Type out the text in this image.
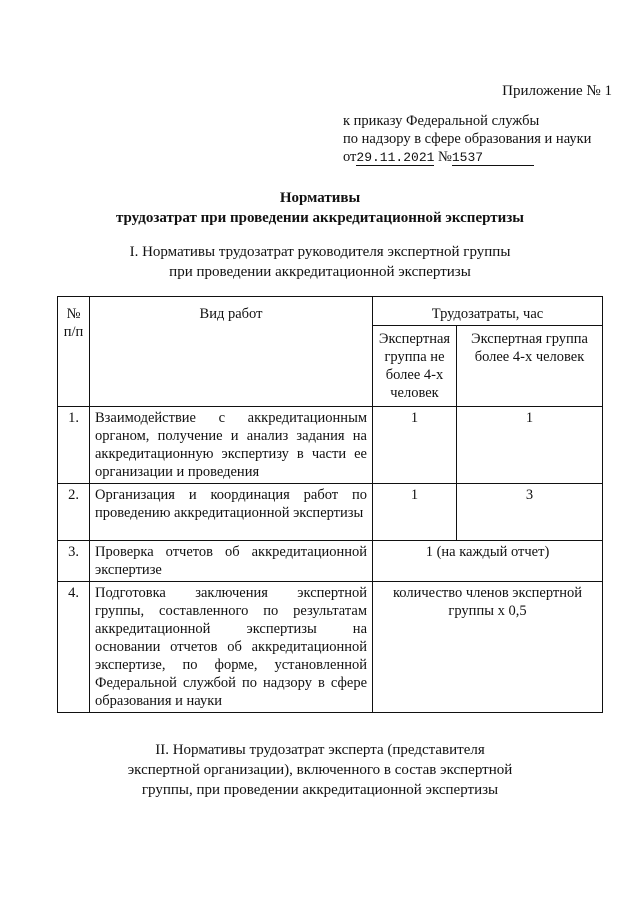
Приложение № 1
к приказу Федеральной службы
по надзору в сфере образования и науки
от29.11.2021 №1537
Нормативы
трудозатрат при проведении аккредитационной экспертизы
I. Нормативы трудозатрат руководителя экспертной группы
при проведении аккредитационной экспертизы
№ п/п	Вид работ	Трудозатраты, час	
		Экспертная группа не более 4-х человек	Экспертная группа более 4-х человек
1.	Взаимодействие с аккредитационным органом, получение и анализ задания на аккредитационную экспертизу в части ее организации и проведения	1	1
2.	Организация и координация работ по проведению аккредитационной экспертизы	1	3
3.	Проверка отчетов об аккредитационной экспертизе	1 (на каждый отчет)	
4.	Подготовка заключения экспертной группы, составленного по результатам аккредитационной экспертизы на основании отчетов об аккредитационной экспертизе, по форме, установленной Федеральной службой по надзору в сфере образования и науки	количество членов экспертной группы х 0,5	
II. Нормативы трудозатрат эксперта (представителя
экспертной организации), включенного в состав экспертной
группы, при проведении аккредитационной экспертизы
